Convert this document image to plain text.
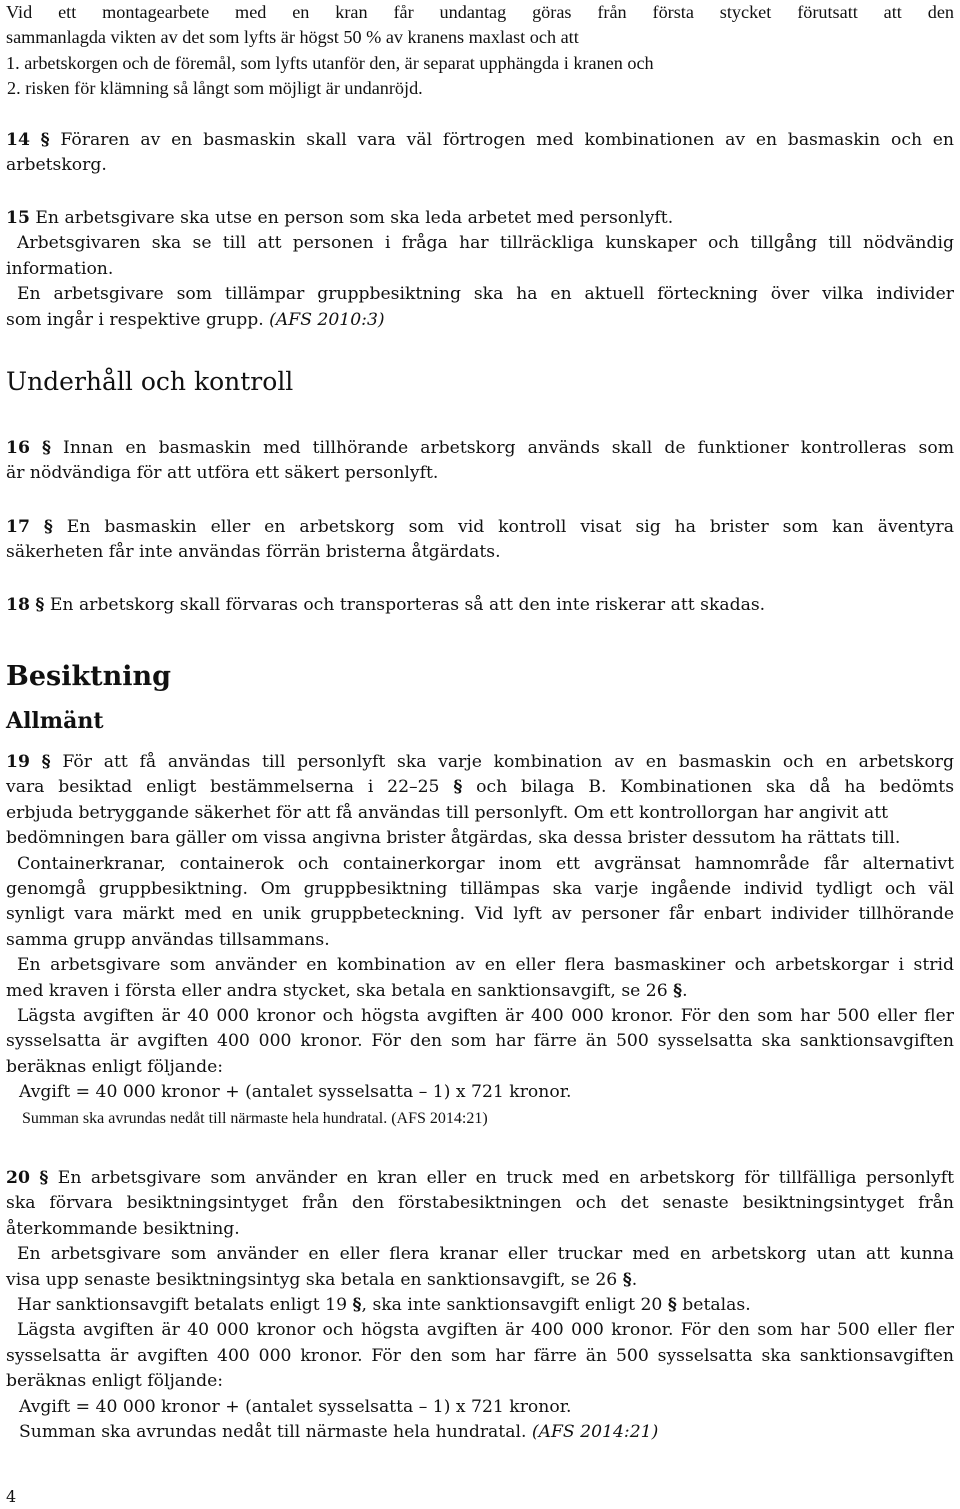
Vid ett montagearbete med en kran får undantag göras från första stycket förutsatt att den
sammanlagda vikten av det som lyfts är högst 50 % av kranens maxlast och att
1. arbetskorgen och de föremål, som lyfts utanför den, är separat upphängda i kranen och
2. risken för klämning så långt som möjligt är undanröjd.
14 § Föraren av en basmaskin skall vara väl förtrogen med kombinationen av en basmaskin och en
arbetskorg.
15 En arbetsgivare ska utse en person som ska leda arbetet med personlyft.
Arbetsgivaren ska se till att personen i fråga har tillräckliga kunskaper och tillgång till nödvändig
information.
En arbetsgivare som tillämpar gruppbesiktning ska ha en aktuell förteckning över vilka individer
som ingår i respektive grupp. (AFS 2010:3)
Underhåll och kontroll
16 § Innan en basmaskin med tillhörande arbetskorg används skall de funktioner kontrolleras som
är nödvändiga för att utföra ett säkert personlyft.
17 § En basmaskin eller en arbetskorg som vid kontroll visat sig ha brister som kan äventyra
säkerheten får inte användas förrän bristerna åtgärdats.
18 § En arbetskorg skall förvaras och transporteras så att den inte riskerar att skadas.
Besiktning
Allmänt
19 § För att få användas till personlyft ska varje kombination av en basmaskin och en arbetskorg
vara besiktad enligt bestämmelserna i 22–25 § och bilaga B. Kombinationen ska då ha bedömts
erbjuda betryggande säkerhet för att få användas till personlyft. Om ett kontrollorgan har angivit att
bedömningen bara gäller om vissa angivna brister åtgärdas, ska dessa brister dessutom ha rättats till.
Containerkranar, containerok och containerkorgar inom ett avgränsat hamnområde får alternativt
genomgå gruppbesiktning. Om gruppbesiktning tillämpas ska varje ingående individ tydligt och väl
synligt vara märkt med en unik gruppbeteckning. Vid lyft av personer får enbart individer tillhörande
samma grupp användas tillsammans.
En arbetsgivare som använder en kombination av en eller flera basmaskiner och arbetskorgar i strid
med kraven i första eller andra stycket, ska betala en sanktionsavgift, se 26 §.
Lägsta avgiften är 40 000 kronor och högsta avgiften är 400 000 kronor. För den som har 500 eller fler
sysselsatta är avgiften 400 000 kronor. För den som har färre än 500 sysselsatta ska sanktionsavgiften
beräknas enligt följande:
Avgift = 40 000 kronor + (antalet sysselsatta – 1) x 721 kronor.
Summan ska avrundas nedåt till närmaste hela hundratal. (AFS 2014:21)
20 § En arbetsgivare som använder en kran eller en truck med en arbetskorg för tillfälliga personlyft
ska förvara besiktningsintyget från den förstabesiktningen och det senaste besiktningsintyget från
återkommande besiktning.
En arbetsgivare som använder en eller flera kranar eller truckar med en arbetskorg utan att kunna
visa upp senaste besiktningsintyg ska betala en sanktionsavgift, se 26 §.
Har sanktionsavgift betalats enligt 19 §, ska inte sanktionsavgift enligt 20 § betalas.
Lägsta avgiften är 40 000 kronor och högsta avgiften är 400 000 kronor. För den som har 500 eller fler
sysselsatta är avgiften 400 000 kronor. För den som har färre än 500 sysselsatta ska sanktionsavgiften
beräknas enligt följande:
Avgift = 40 000 kronor + (antalet sysselsatta – 1) x 721 kronor.
Summan ska avrundas nedåt till närmaste hela hundratal. (AFS 2014:21)
4
